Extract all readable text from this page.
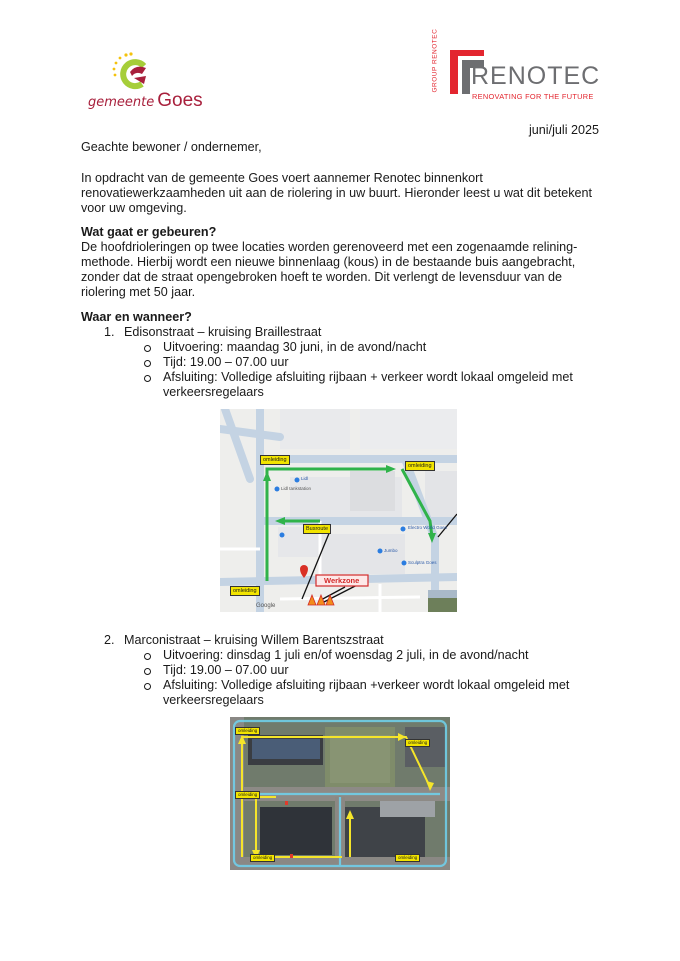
gemeente Goes
GROUP RENOTEC
RENOTEC
RENOVATING FOR THE FUTURE
juni/juli 2025
Geachte bewoner / ondernemer,
In opdracht van de gemeente Goes voert aannemer Renotec binnenkort
renovatiewerkzaamheden uit aan de riolering in uw buurt. Hieronder leest u wat dit betekent
voor uw omgeving.
Wat gaat er gebeuren?
De hoofdrioleringen op twee locaties worden gerenoveerd met een zogenaamde relining-
methode. Hierbij wordt een nieuwe binnenlaag (kous) in de bestaande buis aangebracht,
zonder dat de straat opengebroken hoeft te worden. Dit verlengt de levensduur van de
riolering met 50 jaar.
Waar en wanneer?
1. Edisonstraat – kruising Braillestraat
Uitvoering: maandag 30 juni, in de avond/nacht
Tijd: 19.00 – 07.00 uur
Afsluiting: Volledige afsluiting rijbaan + verkeer wordt lokaal omgeleid met
verkeersregelaars
omleiding
omleiding
omleiding
Busroute
Werkzone
Lidl
Lidl tankstation
Electro World Goes
Jumbo
Sculptra Goes
Google
2. Marconistraat – kruising Willem Barentszstraat
Uitvoering: dinsdag 1 juli en/of woensdag 2 juli, in de avond/nacht
Tijd: 19.00 – 07.00 uur
Afsluiting: Volledige afsluiting rijbaan +verkeer wordt lokaal omgeleid met
verkeersregelaars
omleiding
omleiding
omleiding
omleiding	omleiding
